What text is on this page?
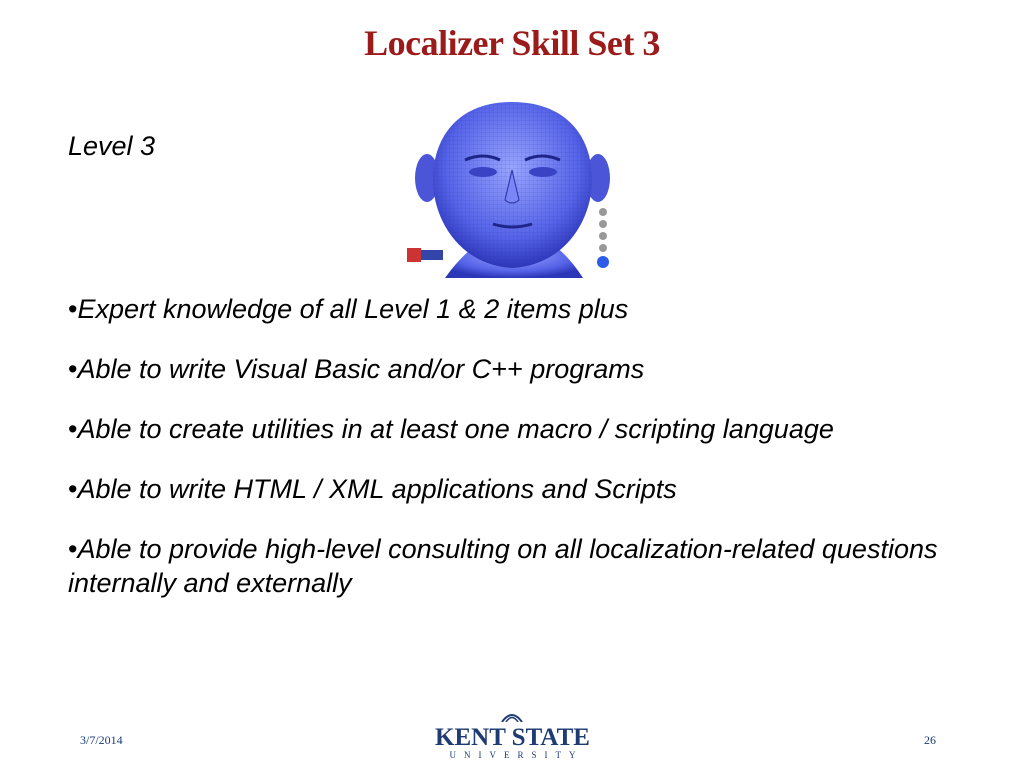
Localizer Skill Set 3
Level 3
•Expert knowledge of all Level 1 & 2 items plus
•Able to write Visual Basic and/or C++ programs
•Able to create utilities in at least one macro / scripting language
•Able to write HTML / XML applications and Scripts
•Able to provide high-level consulting on all localization-related questions internally and externally
3/7/2014	KENT STATE
UNIVERSITY
26
